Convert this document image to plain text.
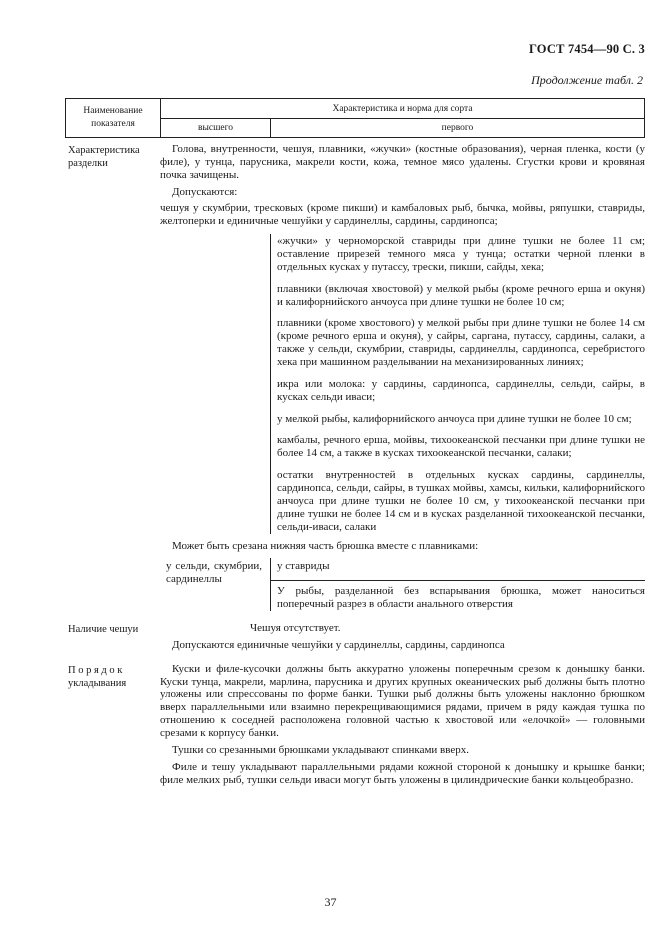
ГОСТ 7454—90 С. 3
Продолжение табл. 2
Наименование показателя
Характеристика и норма для сорта
высшего	первого
Характеристика разделки

Голова, внутренности, чешуя, плавники, «жучки» (костные образования), черная пленка, кости (у филе), у тунца, парусника, макрели кости, кожа, темное мясо удалены. Сгустки крови и кровяная почка зачищены.

Допускаются:

чешуя у скумбрии, тресковых (кроме пикши) и камбаловых рыб, бычка, мойвы, ряпушки, ставриды, желтоперки и единичные чешуйки у сардинеллы, сардины, сардинопса;

«жучки» у черноморской ставриды при длине тушки не более 11 см; оставление прирезей темного мяса у тунца; остатки черной пленки в отдельных кусках у путассу, трески, пикши, сайды, хека;

плавники (включая хвостовой) у мелкой рыбы (кроме речного ерша и окуня) и калифорнийского анчоуса при длине тушки не более 10 см;

плавники (кроме хвостового) у мелкой рыбы при длине тушки не более 14 см (кроме речного ерша и окуня), у сайры, саргана, путассу, сардины, салаки, а также у сельди, скумбрии, ставриды, сардинеллы, сардинопса, серебристого хека при машинном разделывании на механизированных линиях;

икра или молока: у сардины, сардинопса, сардинеллы, сельди, сайры, в кусках сельди иваси;

у мелкой рыбы, калифорнийского анчоуса при длине тушки не более 10 см;

камбалы, речного ерша, мойвы, тихоокеанской песчанки при длине тушки не более 14 см, а также в кусках тихоокеанской песчанки, салаки;

остатки внутренностей в отдельных кусках сардины, сардинеллы, сардинопса, сельди, сайры, в тушках мойвы, хамсы, кильки, калифорнийского анчоуса при длине тушки не более 10 см, у тихоокеанской песчанки при длине тушки не более 14 см и в кусках разделанной тихоокеанской песчанки, сельди-иваси, салаки

Может быть срезана нижняя часть брюшка вместе с плавниками:

у сельди, скумбрии, сардинеллы

у ставриды

У рыбы, разделанной без вспарывания брюшка, может наноситься поперечный разрез в области анального отверстия

Наличие чешуи	Чешуя отсутствует.

Допускаются единичные чешуйки у сардинеллы, сардины, сардинопса

П о р я д о к укладывания

Куски и филе-кусочки должны быть аккуратно уложены поперечным срезом к донышку банки. Куски тунца, макрели, марлина, парусника и других крупных океанических рыб должны быть плотно уложены или спрессованы по форме банки. Тушки рыб должны быть уложены наклонно брюшком вверх параллельными или взаимно перекрещивающимися рядами, причем в ряду каждая тушка по отношению к соседней расположена головной частью к хвостовой или «елочкой» — головными срезами к корпусу банки.

Тушки со срезанными брюшками укладывают спинками вверх.

Филе и тешу укладывают параллельными рядами кожной стороной к донышку и крышке банки; филе мелких рыб, тушки сельди иваси могут быть уложены в цилиндрические банки кольцеобразно.

37
